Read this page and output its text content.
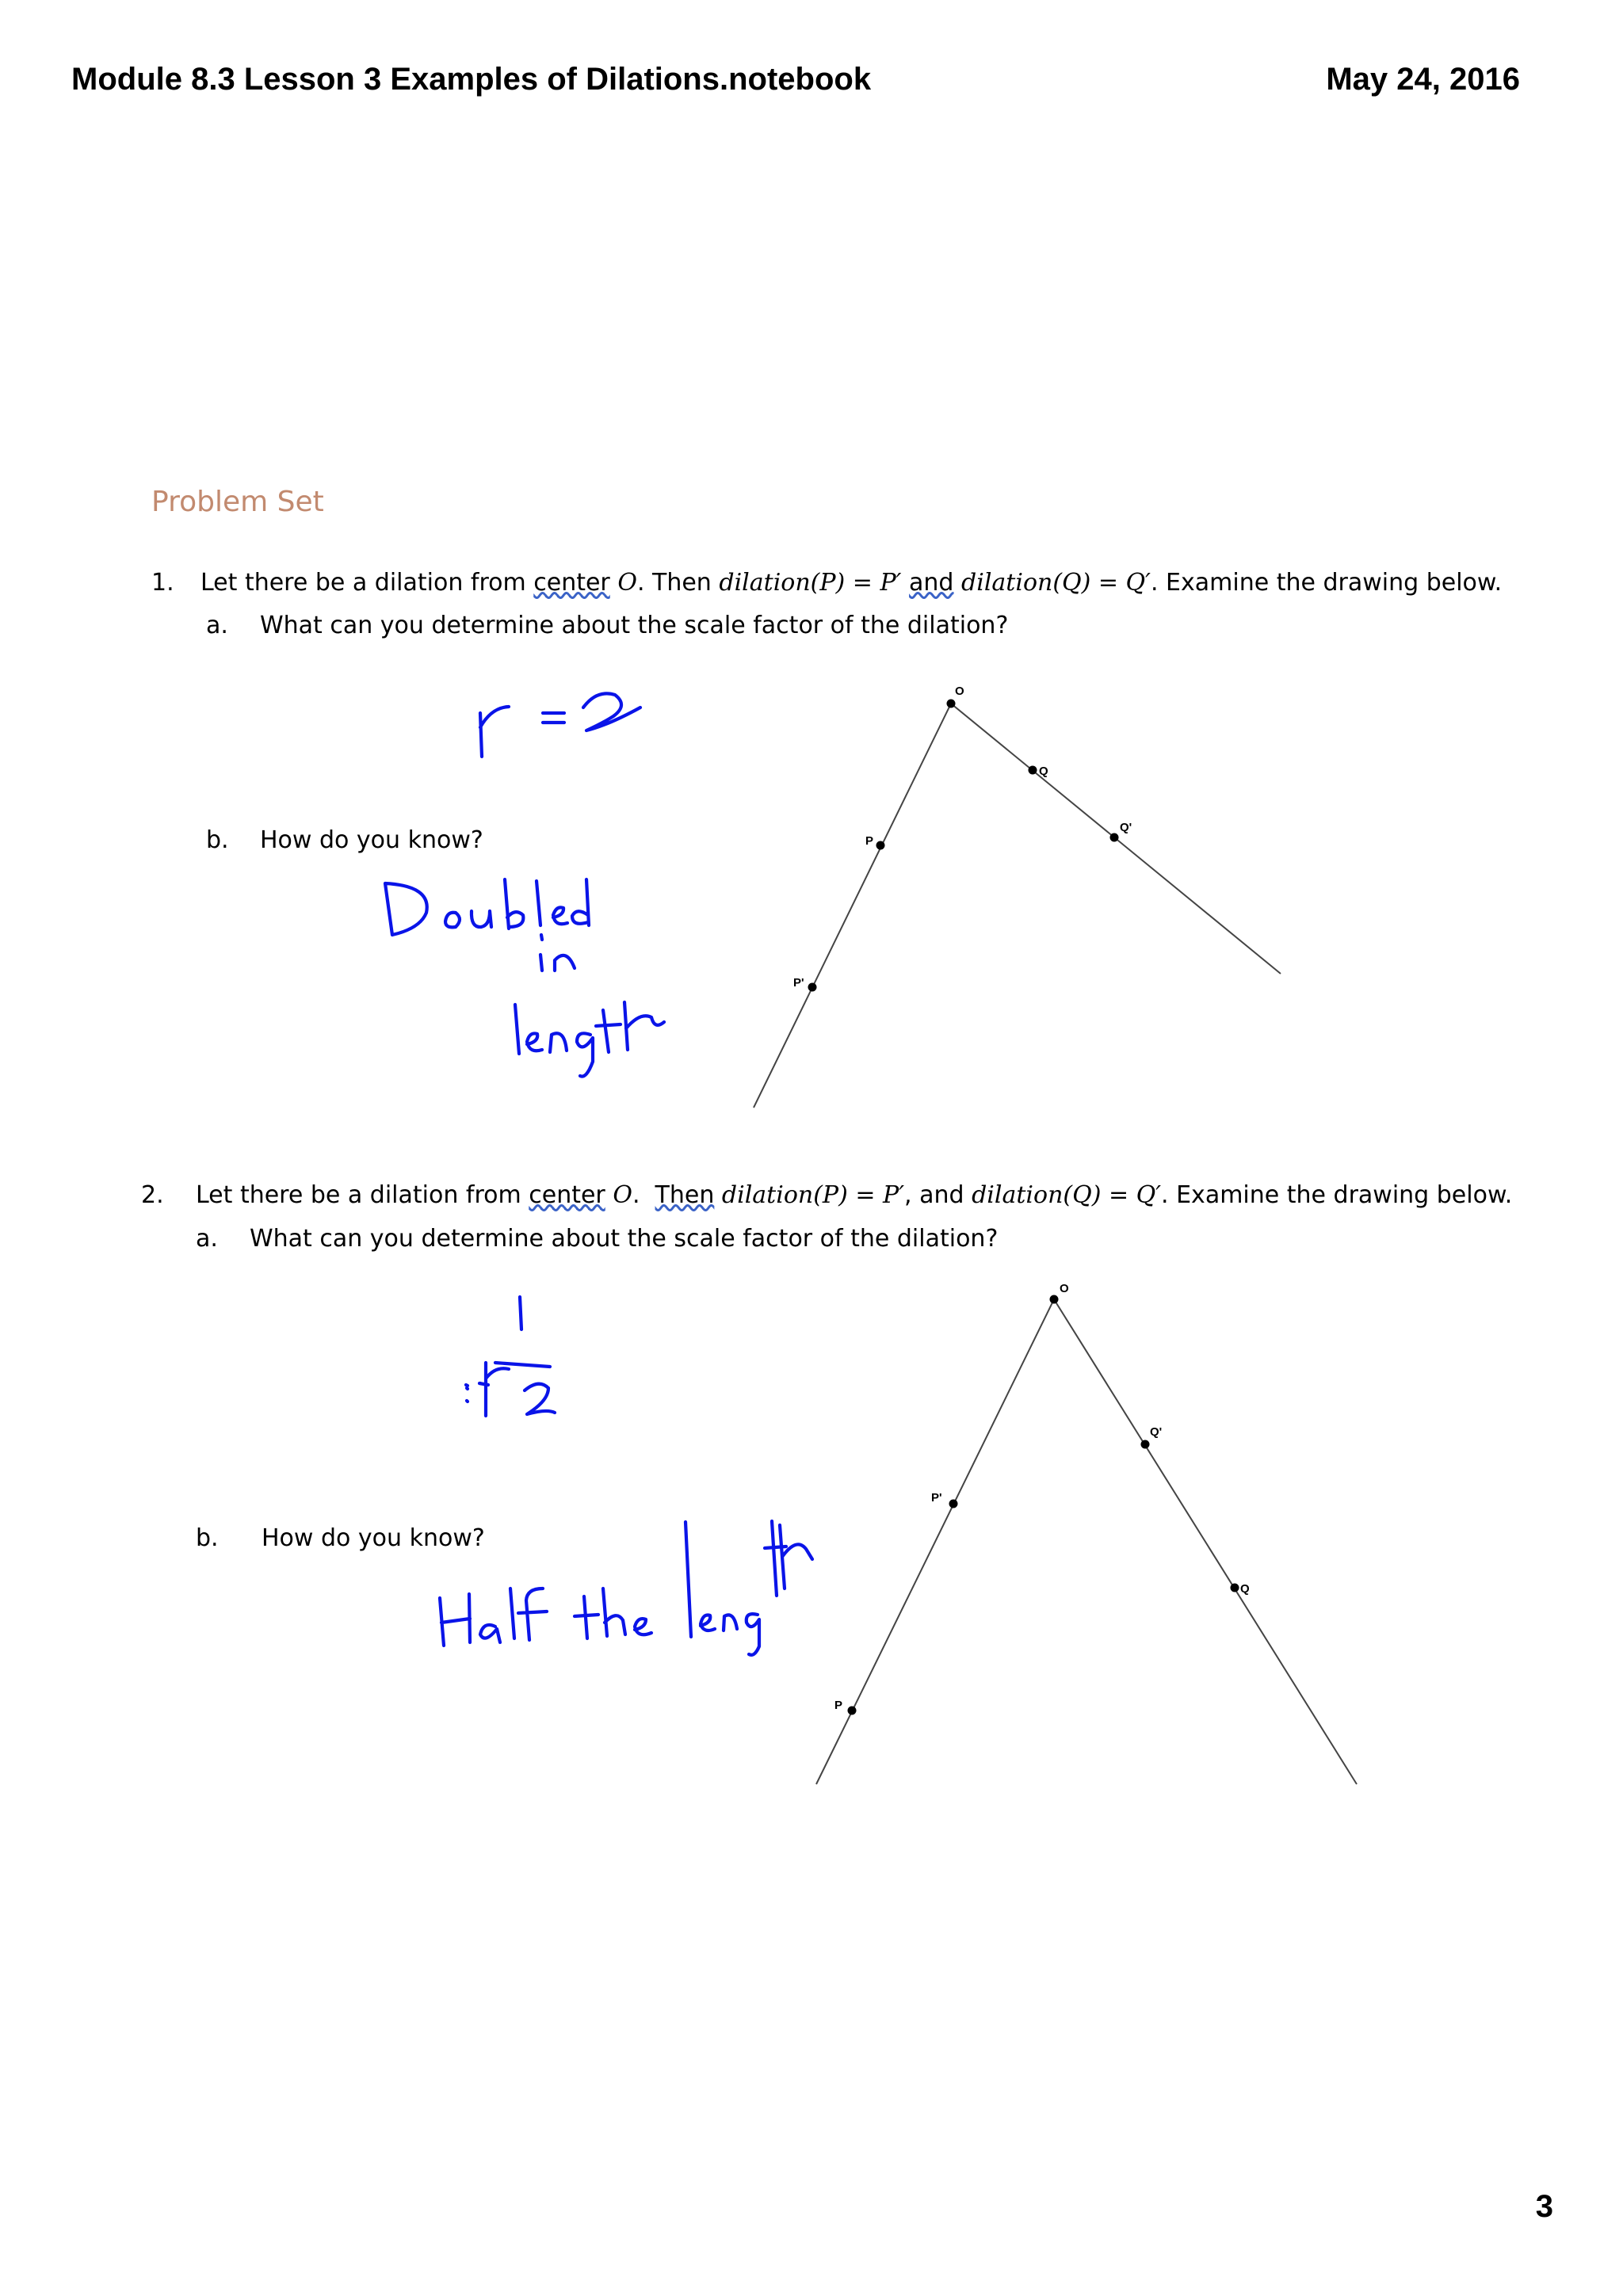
Module 8.3 Lesson 3 Examples of Dilations.notebook	May 24, 2016
Problem Set
1. Let there be a dilation from center O. Then dilation(P) = P′ and dilation(Q) = Q′. Examine the drawing below.
a. What can you determine about the scale factor of the dilation?
b. How do you know?
2. Let there be a dilation from center O.  Then dilation(P) = P′, and dilation(Q) = Q′. Examine the drawing below.
a. What can you determine about the scale factor of the dilation?
b. How do you know?
O
Q
Q'
P
P'
O
Q'
Q
P'
P
3
